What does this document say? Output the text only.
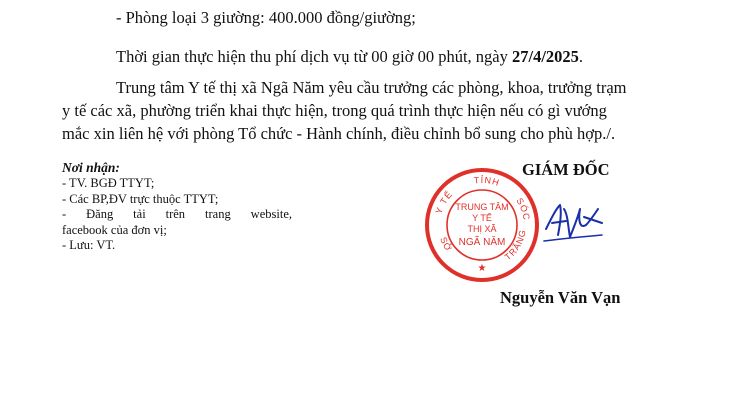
- Phòng loại 3 giường: 400.000 đồng/giường;
Thời gian thực hiện thu phí dịch vụ từ 00 giờ 00 phút, ngày 27/4/2025.
Trung tâm Y tế thị xã Ngã Năm yêu cầu trưởng các phòng, khoa, trưởng trạm
y tế các xã, phường triển khai thực hiện, trong quá trình thực hiện nếu có gì vướng
mắc xin liên hệ với phòng Tổ chức - Hành chính, điều chỉnh bổ sung cho phù hợp./.
Nơi nhận:
- TV. BGĐ TTYT;
- Các BP,ĐV trực thuộc TTYT;
- Đăng tải trên trang website,
facebook của đơn vị;
- Lưu: VT.
Y TẾ
TỈNH
SÓC
SỞ
TRĂNG
TRUNG TÂM
Y TẾ
THỊ XÃ
NGÃ NĂM
★
GIÁM ĐỐC
Nguyễn Văn Vạn
